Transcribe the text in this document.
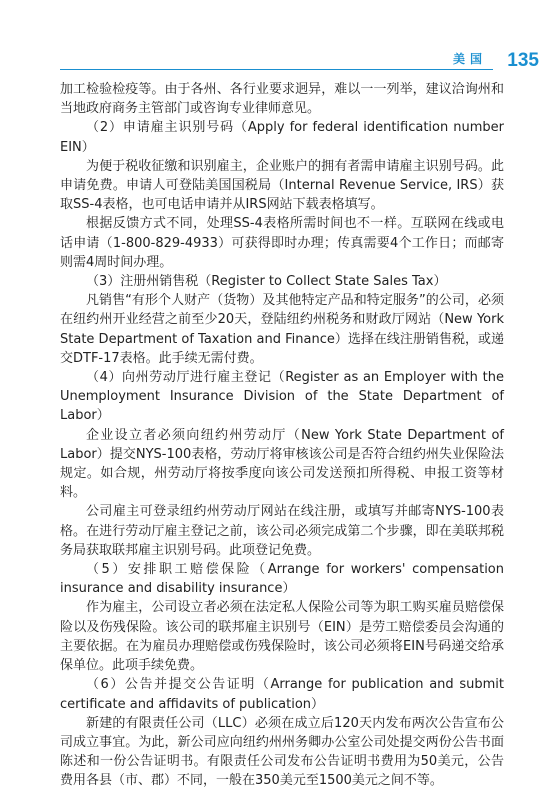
美国 135

加工检验检疫等。由于各州、各行业要求迥异，难以一一列举，建议洽询州和当地政府商务主管部门或咨询专业律师意见。

（2）申请雇主识别号码（Apply for federal identification number EIN）

为便于税收征缴和识别雇主，企业账户的拥有者需申请雇主识别号码。此申请免费。申请人可登陆美国国税局（Internal Revenue Service, IRS）获取SS-4表格，也可电话申请并从IRS网站下载表格填写。

根据反馈方式不同，处理SS-4表格所需时间也不一样。互联网在线或电话申请（1-800-829-4933）可获得即时办理；传真需要4个工作日；而邮寄则需4周时间办理。

（3）注册州销售税（Register to Collect State Sales Tax）

凡销售“有形个人财产（货物）及其他特定产品和特定服务”的公司，必须在纽约州开业经营之前至少20天，登陆纽约州税务和财政厅网站（New York State Department of Taxation and Finance）选择在线注册销售税，或递交DTF-17表格。此手续无需付费。

（4）向州劳动厅进行雇主登记（Register as an Employer with the Unemployment Insurance Division of the State Department of Labor）

企业设立者必须向纽约州劳动厅（New York State Department of Labor）提交NYS-100表格，劳动厅将审核该公司是否符合纽约州失业保险法规定。如合规，州劳动厅将按季度向该公司发送预扣所得税、申报工资等材料。

公司雇主可登录纽约州劳动厅网站在线注册，或填写并邮寄NYS-100表格。在进行劳动厅雇主登记之前，该公司必须完成第二个步骤，即在美联邦税务局获取联邦雇主识别号码。此项登记免费。

（5）安排职工赔偿保险（Arrange for workers' compensation insurance and disability insurance）

作为雇主，公司设立者必须在法定私人保险公司等为职工购买雇员赔偿保险以及伤残保险。该公司的联邦雇主识别号（EIN）是劳工赔偿委员会沟通的主要依据。在为雇员办理赔偿或伤残保险时，该公司必须将EIN号码递交给承保单位。此项手续免费。

（6）公告并提交公告证明（Arrange for publication and submit certificate and affidavits of publication）

新建的有限责任公司（LLC）必须在成立后120天内发布两次公告宣布公司成立事宜。为此，新公司应向纽约州州务卿办公室公司处提交两份公告书面陈述和一份公告证明书。有限责任公司发布公告证明书费用为50美元，公告费用各县（市、郡）不同，一般在350美元至1500美元之间不等。
